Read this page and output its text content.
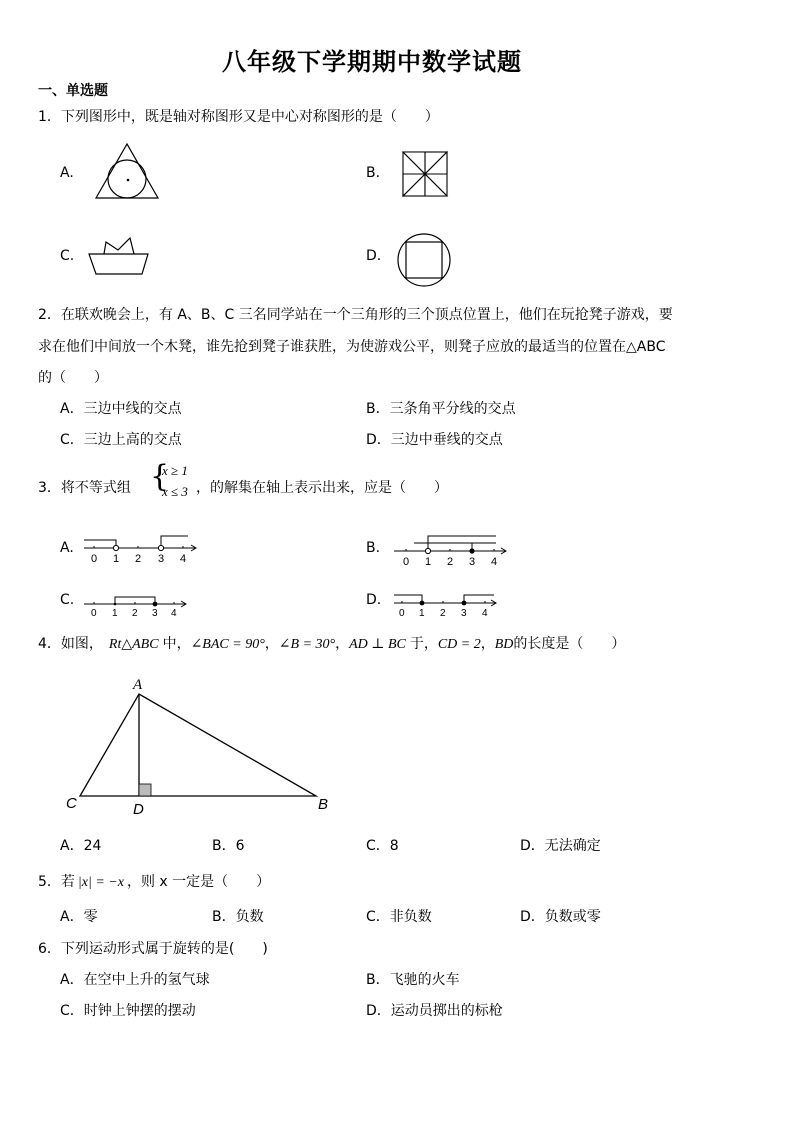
八年级下学期期中数学试题
一、单选题
1．下列图形中，既是轴对称图形又是中心对称图形的是（　　）
A.	B.
C.	D.
2．在联欢晚会上，有 A、B、C 三名同学站在一个三角形的三个顶点位置上，他们在玩抢凳子游戏，要
求在他们中间放一个木凳，谁先抢到凳子谁获胜，为使游戏公平，则凳子应放的最适当的位置在△ABC
的（　　）
A．三边中线的交点	B．三条角平分线的交点
C．三边上高的交点	D．三边中垂线的交点
3．将不等式组 {
x ≥ 1
x ≤ 3 ，的解集在轴上表示出来，应是（　　）
A.	B.
C.	D.
0 1 2 3 4	0 1 2 3 4
0 1 2 3 4	0 1 2 3 4
4．如图， Rt△ABC 中，∠BAC = 90°，∠B = 30°，AD ⊥ BC 于，CD = 2，BD的长度是（　　）
A
B
C	D
A．24	B．6	C．8	D．无法确定
5．若 |x| = −x ，则 x 一定是（　　）
A．零	B．负数	C．非负数	D．负数或零
6．下列运动形式属于旋转的是(　　)
A．在空中上升的氢气球	B．飞驰的火车
C．时钟上钟摆的摆动	D．运动员掷出的标枪
